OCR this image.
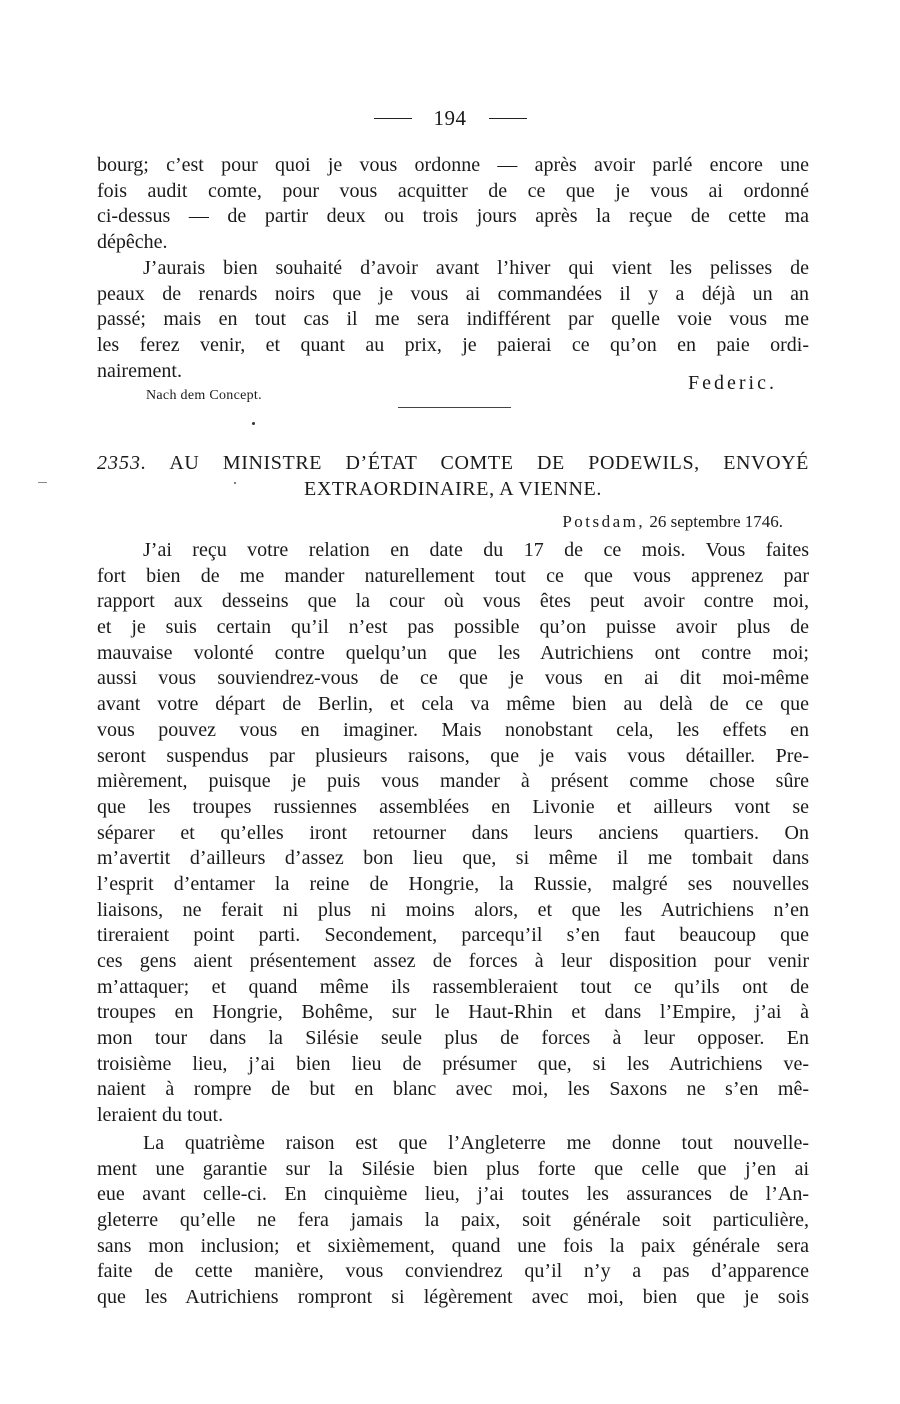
194
bourg; c’est pour quoi je vous ordonne — après avoir parlé encore une
fois audit comte, pour vous acquitter de ce que je vous ai ordonné
ci-dessus — de partir deux ou trois jours après la reçue de cette ma
dépêche.
J’aurais bien souhaité d’avoir avant l’hiver qui vient les pelisses de
peaux de renards noirs que je vous ai commandées il y a déjà un an
passé; mais en tout cas il me sera indifférent par quelle voie vous me
les ferez venir, et quant au prix, je paierai ce qu’on en paie ordi-
nairement.
Federic.
Nach dem Concept.
2353. AU MINISTRE D’ÉTAT COMTE DE PODEWILS, ENVOYÉ
EXTRAORDINAIRE, A VIENNE.
Potsdam, 26 septembre 1746.
J’ai reçu votre relation en date du 17 de ce mois. Vous faites
fort bien de me mander naturellement tout ce que vous apprenez par
rapport aux desseins que la cour où vous êtes peut avoir contre moi,
et je suis certain qu’il n’est pas possible qu’on puisse avoir plus de
mauvaise volonté contre quelqu’un que les Autrichiens ont contre moi;
aussi vous souviendrez-vous de ce que je vous en ai dit moi-même
avant votre départ de Berlin, et cela va même bien au delà de ce que
vous pouvez vous en imaginer. Mais nonobstant cela, les effets en
seront suspendus par plusieurs raisons, que je vais vous détailler. Pre-
mièrement, puisque je puis vous mander à présent comme chose sûre
que les troupes russiennes assemblées en Livonie et ailleurs vont se
séparer et qu’elles iront retourner dans leurs anciens quartiers. On
m’avertit d’ailleurs d’assez bon lieu que, si même il me tombait dans
l’esprit d’entamer la reine de Hongrie, la Russie, malgré ses nouvelles
liaisons, ne ferait ni plus ni moins alors, et que les Autrichiens n’en
tireraient point parti. Secondement, parcequ’il s’en faut beaucoup que
ces gens aient présentement assez de forces à leur disposition pour venir
m’attaquer; et quand même ils rassembleraient tout ce qu’ils ont de
troupes en Hongrie, Bohême, sur le Haut-Rhin et dans l’Empire, j’ai à
mon tour dans la Silésie seule plus de forces à leur opposer. En
troisième lieu, j’ai bien lieu de présumer que, si les Autrichiens ve-
naient à rompre de but en blanc avec moi, les Saxons ne s’en mê-
leraient du tout.
La quatrième raison est que l’Angleterre me donne tout nouvelle-
ment une garantie sur la Silésie bien plus forte que celle que j’en ai
eue avant celle-ci. En cinquième lieu, j’ai toutes les assurances de l’An-
gleterre qu’elle ne fera jamais la paix, soit générale soit particulière,
sans mon inclusion; et sixièmement, quand une fois la paix générale sera
faite de cette manière, vous conviendrez qu’il n’y a pas d’apparence
que les Autrichiens rompront si légèrement avec moi, bien que je sois
